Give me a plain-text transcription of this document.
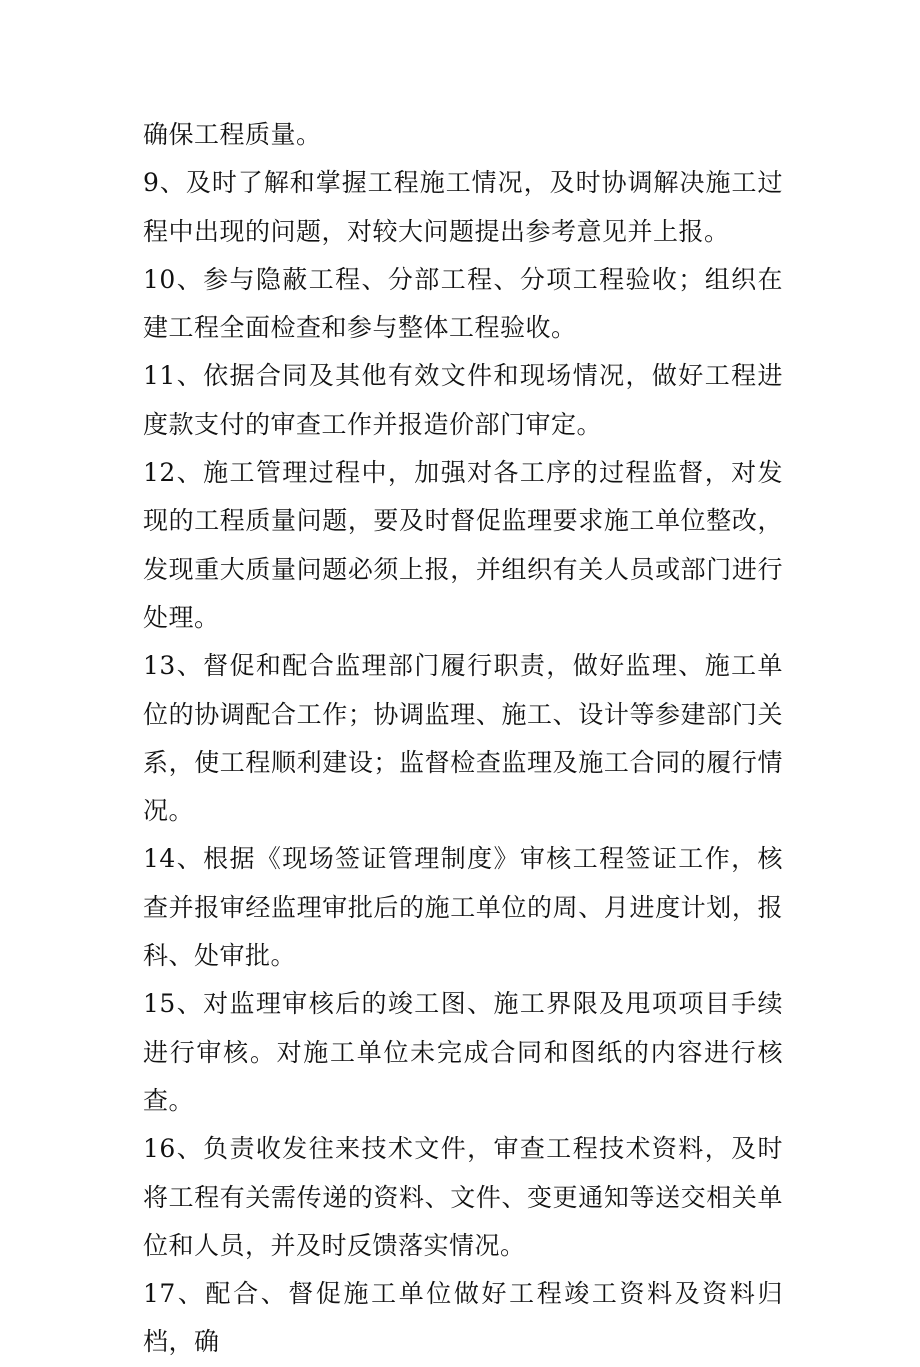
确保工程质量。

9、及时了解和掌握工程施工情况，及时协调解决施工过程中出现的问题，对较大问题提出参考意见并上报。

10、参与隐蔽工程、分部工程、分项工程验收；组织在建工程全面检查和参与整体工程验收。

11、依据合同及其他有效文件和现场情况，做好工程进度款支付的审查工作并报造价部门审定。

12、施工管理过程中，加强对各工序的过程监督，对发现的工程质量问题，要及时督促监理要求施工单位整改，发现重大质量问题必须上报，并组织有关人员或部门进行处理。

13、督促和配合监理部门履行职责，做好监理、施工单位的协调配合工作；协调监理、施工、设计等参建部门关系，使工程顺利建设；监督检查监理及施工合同的履行情况。

14、根据《现场签证管理制度》审核工程签证工作，核查并报审经监理审批后的施工单位的周、月进度计划，报科、处审批。

15、对监理审核后的竣工图、施工界限及甩项项目手续进行审核。对施工单位未完成合同和图纸的内容进行核查。

16、负责收发往来技术文件，审查工程技术资料，及时将工程有关需传递的资料、文件、变更通知等送交相关单位和人员，并及时反馈落实情况。

17、配合、督促施工单位做好工程竣工资料及资料归档，确
